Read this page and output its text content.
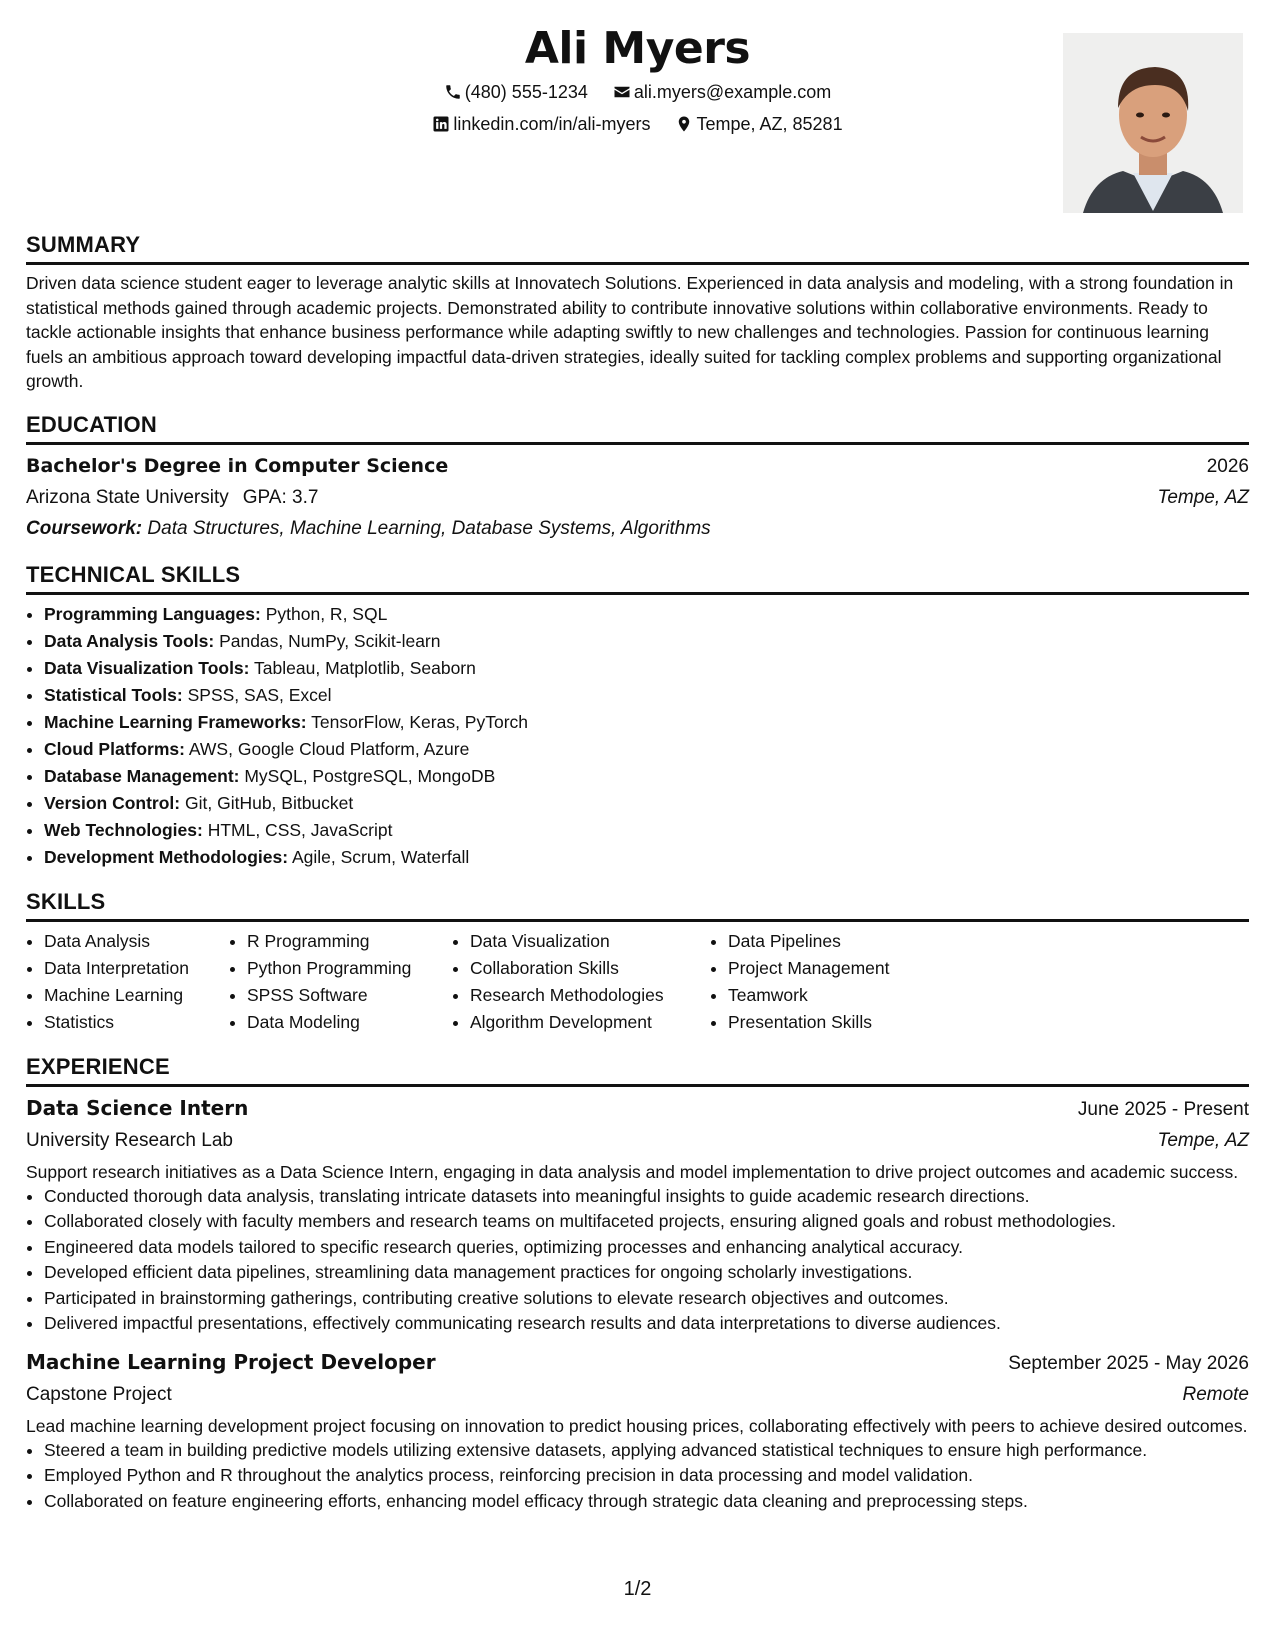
Ali Myers
(480) 555-1234	ali.myers@example.com
linkedin.com/in/ali-myers	Tempe, AZ, 85281
SUMMARY

Driven data science student eager to leverage analytic skills at Innovatech Solutions. Experienced in data analysis and modeling, with a strong foundation in statistical methods gained through academic projects. Demonstrated ability to contribute innovative solutions within collaborative environments. Ready to tackle actionable insights that enhance business performance while adapting swiftly to new challenges and technologies. Passion for continuous learning fuels an ambitious approach toward developing impactful data-driven strategies, ideally suited for tackling complex problems and supporting organizational growth.

EDUCATION
Bachelor's Degree in Computer Science	2026
Arizona State University GPA: 3.7	Tempe, AZ
Coursework: Data Structures, Machine Learning, Database Systems, Algorithms
TECHNICAL SKILLS
• Programming Languages: Python, R, SQL
• Data Analysis Tools: Pandas, NumPy, Scikit-learn
• Data Visualization Tools: Tableau, Matplotlib, Seaborn
• Statistical Tools: SPSS, SAS, Excel
• Machine Learning Frameworks: TensorFlow, Keras, PyTorch
• Cloud Platforms: AWS, Google Cloud Platform, Azure
• Database Management: MySQL, PostgreSQL, MongoDB
• Version Control: Git, GitHub, Bitbucket
• Web Technologies: HTML, CSS, JavaScript
• Development Methodologies: Agile, Scrum, Waterfall
SKILLS
• Data Analysis
• Data Interpretation
• Machine Learning
• Statistics
• R Programming
• Python Programming
• SPSS Software
• Data Modeling
• Data Visualization
• Collaboration Skills
• Research Methodologies
• Algorithm Development
• Data Pipelines
• Project Management
• Teamwork
• Presentation Skills
EXPERIENCE
Data Science Intern	June 2025 - Present
University Research Lab	Tempe, AZ

Support research initiatives as a Data Science Intern, engaging in data analysis and model implementation to drive project outcomes and academic success.

• Conducted thorough data analysis, translating intricate datasets into meaningful insights to guide academic research directions.
• Collaborated closely with faculty members and research teams on multifaceted projects, ensuring aligned goals and robust methodologies.
• Engineered data models tailored to specific research queries, optimizing processes and enhancing analytical accuracy.
• Developed efficient data pipelines, streamlining data management practices for ongoing scholarly investigations.
• Participated in brainstorming gatherings, contributing creative solutions to elevate research objectives and outcomes.
• Delivered impactful presentations, effectively communicating research results and data interpretations to diverse audiences.
Machine Learning Project Developer	September 2025 - May 2026
Capstone Project	Remote

Lead machine learning development project focusing on innovation to predict housing prices, collaborating effectively with peers to achieve desired outcomes.

• Steered a team in building predictive models utilizing extensive datasets, applying advanced statistical techniques to ensure high performance.
• Employed Python and R throughout the analytics process, reinforcing precision in data processing and model validation.
• Collaborated on feature engineering efforts, enhancing model efficacy through strategic data cleaning and preprocessing steps.
1/2
